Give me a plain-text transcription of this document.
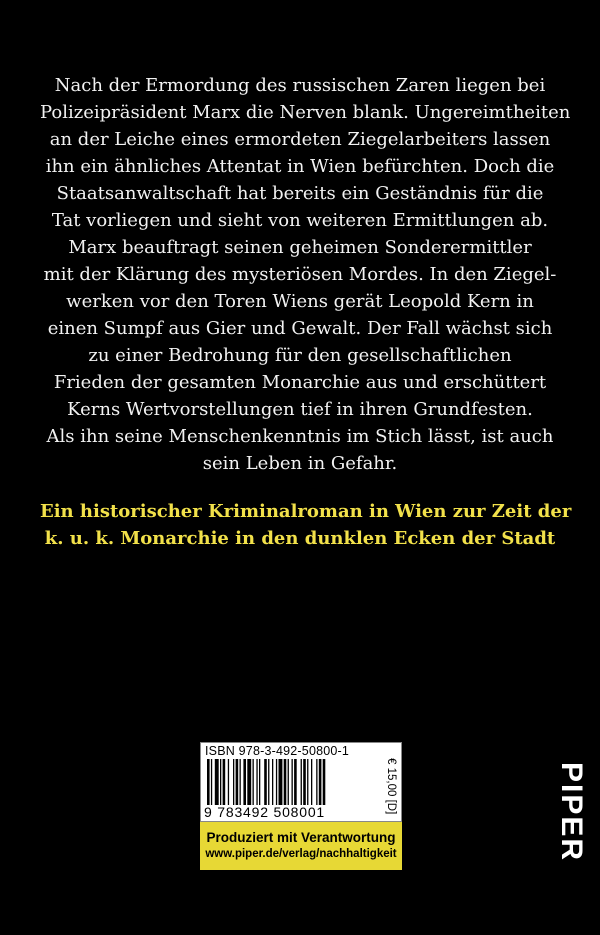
Nach der Ermordung des russischen Zaren liegen bei
Polizeipräsident Marx die Nerven blank. Ungereimtheiten
an der Leiche eines ermordeten Ziegelarbeiters lassen
ihn ein ähnliches Attentat in Wien befürchten. Doch die
Staatsanwaltschaft hat bereits ein Geständnis für die
Tat vorliegen und sieht von weiteren Ermittlungen ab.
Marx beauftragt seinen geheimen Sonderermittler
mit der Klärung des mysteriösen Mordes. In den Ziegel-
werken vor den Toren Wiens gerät Leopold Kern in
einen Sumpf aus Gier und Gewalt. Der Fall wächst sich
zu einer Bedrohung für den gesellschaftlichen
Frieden der gesamten Monarchie aus und erschüttert
Kerns Wertvorstellungen tief in ihren Grundfesten.
Als ihn seine Menschenkenntnis im Stich lässt, ist auch
sein Leben in Gefahr.
Ein historischer Kriminalroman in Wien zur Zeit der
k. u. k. Monarchie in den dunklen Ecken der Stadt
ISBN 978-3-492-50800-1
9 783492 508001	€ 15,00 [D]
Produziert mit Verantwortung
www.piper.de/verlag/nachhaltigkeit	PIPER
